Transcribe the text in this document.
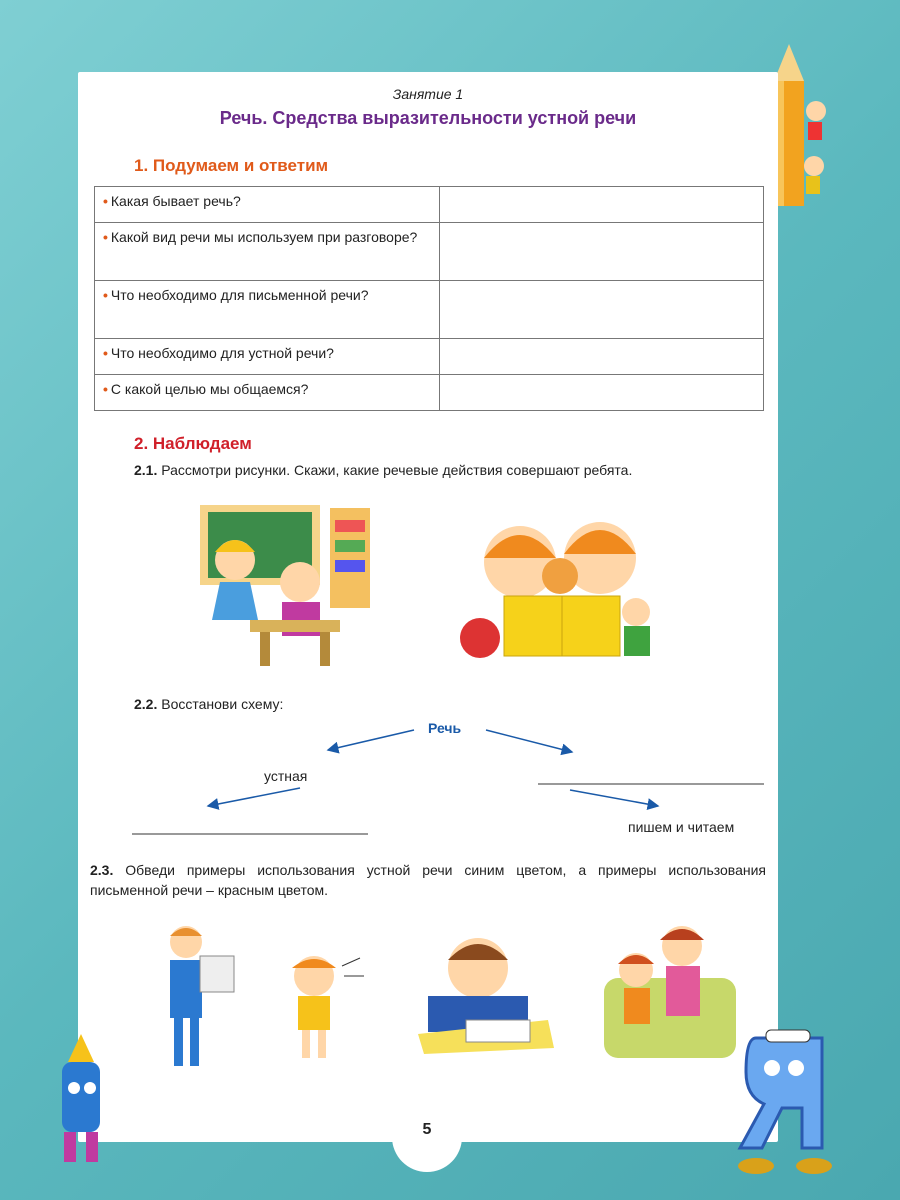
Занятие 1
Речь. Средства выразительности устной речи
1. Подумаем и ответим
• Какая бывает речь?	
• Какой вид речи мы используем при разговоре?	
• Что необходимо для письменной речи?	
• Что необходимо для устной речи?	
• С какой целью мы общаемся?	
2. Наблюдаем
2.1. Рассмотри рисунки. Скажи, какие речевые действия совершают ребята.
2.2. Восстанови схему:
Речь
устная
пишем и читаем
2.3. Обведи примеры использования устной речи синим цветом, а примеры использования письменной речи – красным цветом.
5
